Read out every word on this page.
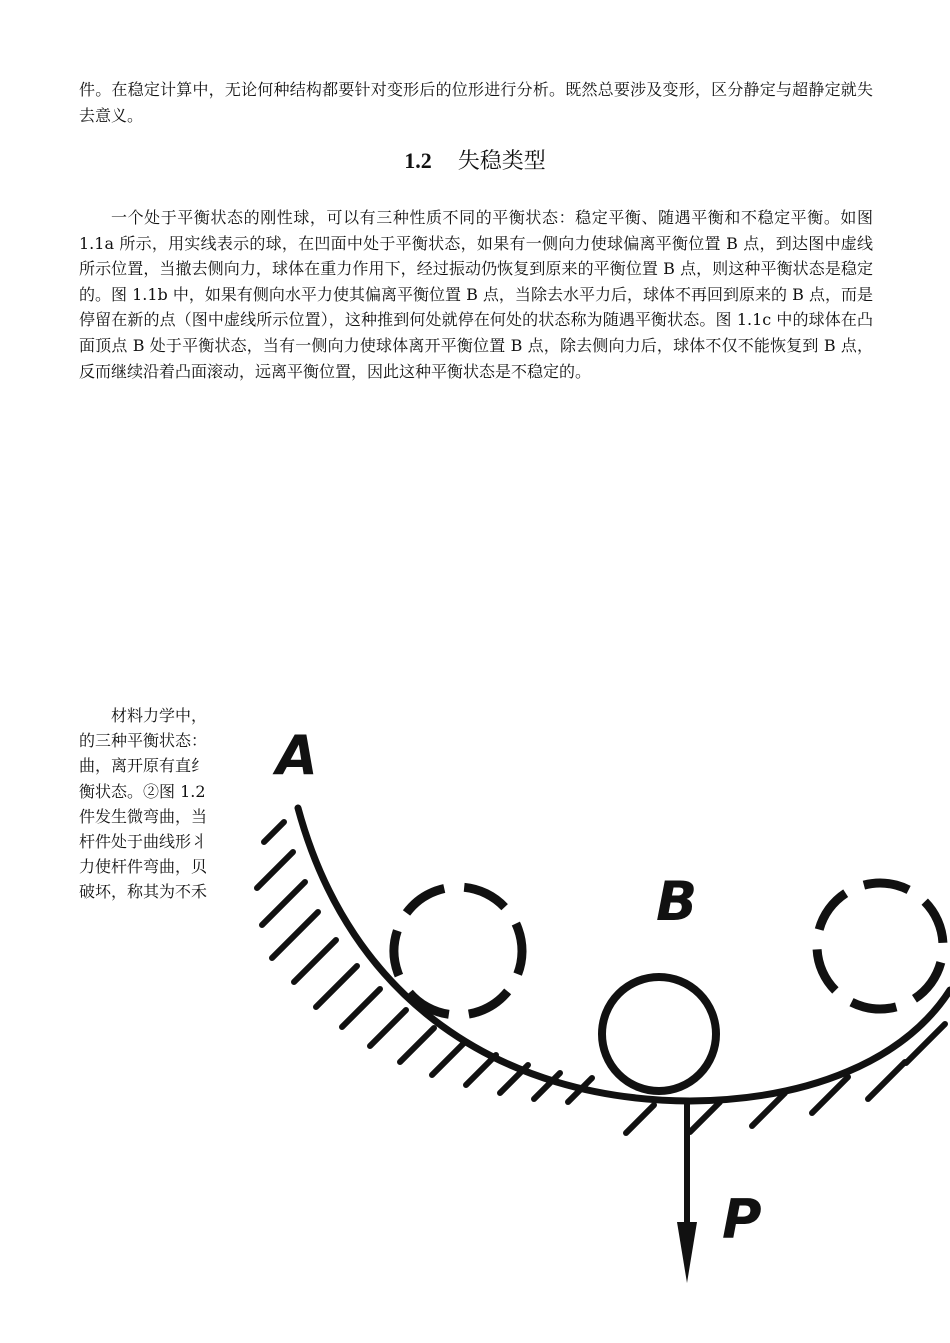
件。在稳定计算中，无论何种结构都要针对变形后的位形进行分析。既然总要涉及变形，区分静定与超静定就失去意义。

1.2 失稳类型

一个处于平衡状态的刚性球，可以有三种性质不同的平衡状态：稳定平衡、随遇平衡和不稳定平衡。如图 1.1a 所示，用实线表示的球，在凹面中处于平衡状态，如果有一侧向力使球偏离平衡位置 B 点，到达图中虚线所示位置，当撤去侧向力，球体在重力作用下，经过振动仍恢复到原来的平衡位置 B 点，则这种平衡状态是稳定的。图 1.1b 中，如果有侧向水平力使其偏离平衡位置 B 点，当除去水平力后，球体不再回到原来的 B 点，而是停留在新的点（图中虚线所示位置），这种推到何处就停在何处的状态称为随遇平衡状态。图 1.1c 中的球体在凸面顶点 B 处于平衡状态，当有一侧向力使球体离开平衡位置 B 点，除去侧向力后，球体不仅不能恢复到 B 点，反而继续沿着凸面滚动，远离平衡位置，因此这种平衡状态是不稳定的。

材料力学中，
的三种平衡状态：
曲，离开原有直纟
衡状态。②图 1.2
件发生微弯曲，当
杆件处于曲线形丬
力使杆件弯曲，贝
破坏，称其为不禾
A
B
P
